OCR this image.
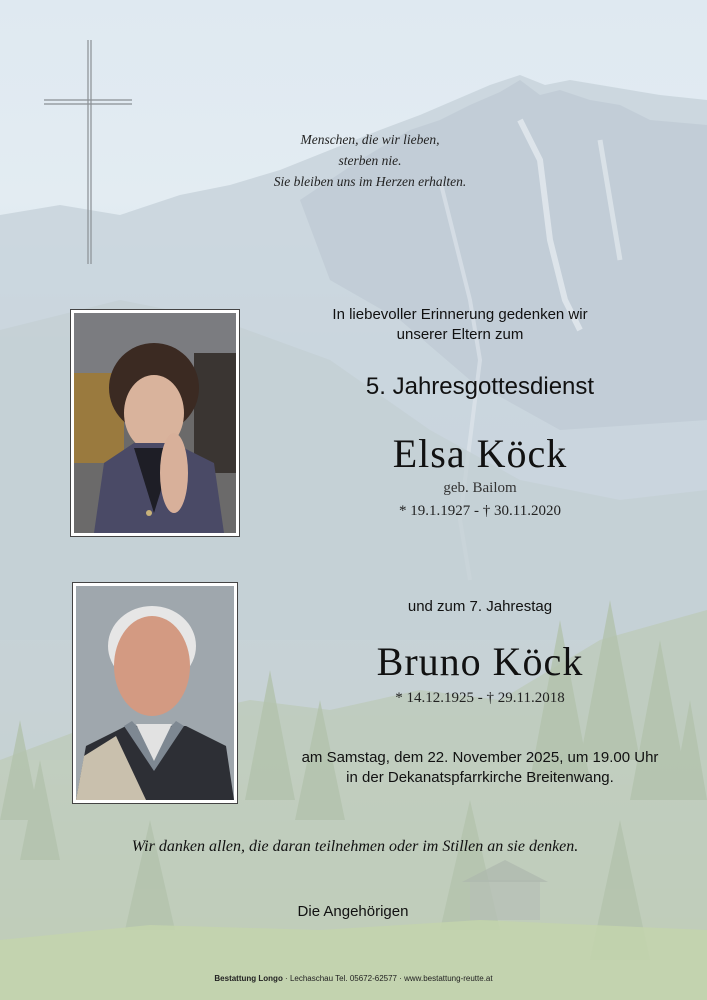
Menschen, die wir lieben,
sterben nie.
Sie bleiben uns im Herzen erhalten.
In liebevoller Erinnerung gedenken wir
unserer Eltern zum
5. Jahresgottesdienst
Elsa Köck
geb. Bailom
* 19.1.1927 - † 30.11.2020
und zum 7. Jahrestag
Bruno Köck
* 14.12.1925 - † 29.11.2018
am Samstag, dem 22. November 2025, um 19.00 Uhr
in der Dekanatspfarrkirche Breitenwang.
Wir danken allen, die daran teilnehmen oder im Stillen an sie denken.
Die Angehörigen
Bestattung Longo · Lechaschau Tel. 05672-62577 · www.bestattung-reutte.at
